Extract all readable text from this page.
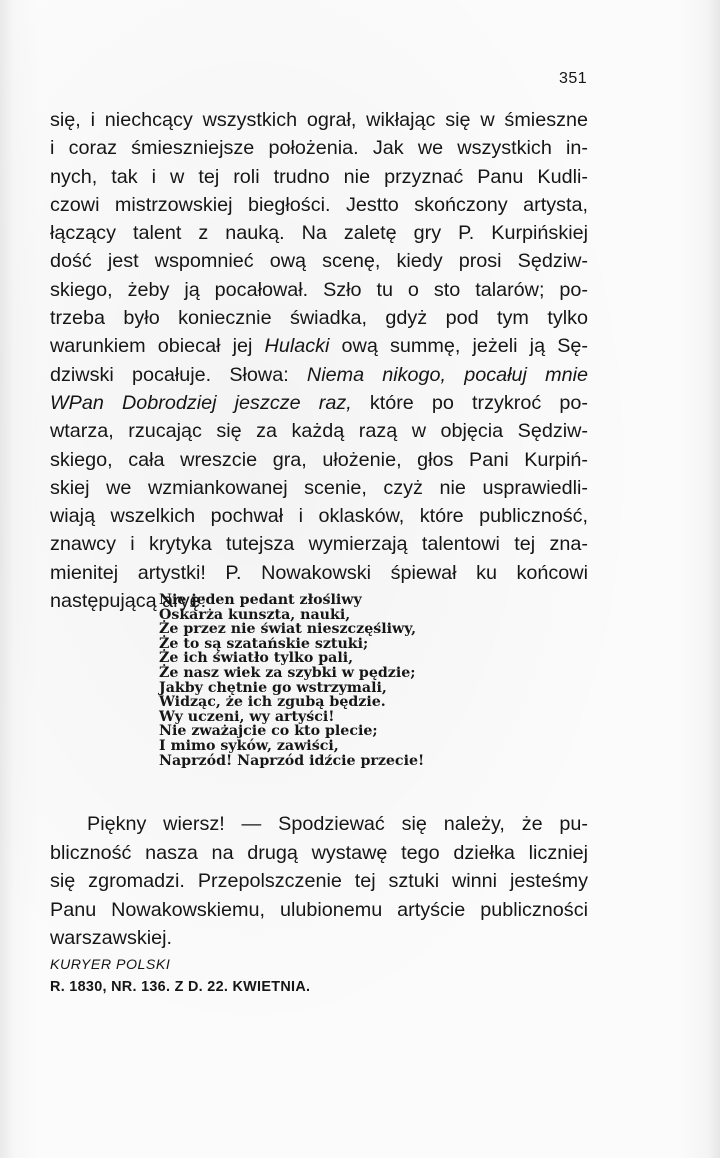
351
się, i niechcący wszystkich ograł, wikłając się w śmieszne
i coraz śmieszniejsze położenia. Jak we wszystkich in-
nych, tak i w tej roli trudno nie przyznać Panu Kudli-
czowi mistrzowskiej biegłości. Jestto skończony artysta,
łączący talent z nauką. Na zaletę gry P. Kurpińskiej
dość jest wspomnieć ową scenę, kiedy prosi Sędziw-
skiego, żeby ją pocałował. Szło tu o sto talarów; po-
trzeba było koniecznie świadka, gdyż pod tym tylko
warunkiem obiecał jej Hulacki ową summę, jeżeli ją Sę-
dziwski pocałuje. Słowa: Niema nikogo, pocałuj mnie
WPan Dobrodziej jeszcze raz, które po trzykroć po-
wtarza, rzucając się za każdą razą w objęcia Sędziw-
skiego, cała wreszcie gra, ułożenie, głos Pani Kurpiń-
skiej we wzmiankowanej scenie, czyż nie usprawiedli-
wiają wszelkich pochwał i oklasków, które publiczność,
znawcy i krytyka tutejsza wymierzają talentowi tej zna-
mienitej artystki! P. Nowakowski śpiewał ku końcowi
następującą aryę:
Nie jeden pedant złośliwy
Oskarża kunszta, nauki,
Że przez nie świat nieszczęśliwy,
Że to są szatańskie sztuki;
Że ich światło tylko pali,
Że nasz wiek za szybki w pędzie;
Jakby chętnie go wstrzymali,
Widząc, że ich zgubą będzie.
Wy uczeni, wy artyści!
Nie zważajcie co kto plecie;
I mimo syków, zawiści,
Naprzód! Naprzód idźcie przecie!
Piękny wiersz! — Spodziewać się należy, że pu-
bliczność nasza na drugą wystawę tego dziełka liczniej
się zgromadzi. Przepolszczenie tej sztuki winni jesteśmy
Panu Nowakowskiemu, ulubionemu artyście publiczności
warszawskiej.
KURYER POLSKI
R. 1830, NR. 136. Z D. 22. KWIETNIA.
